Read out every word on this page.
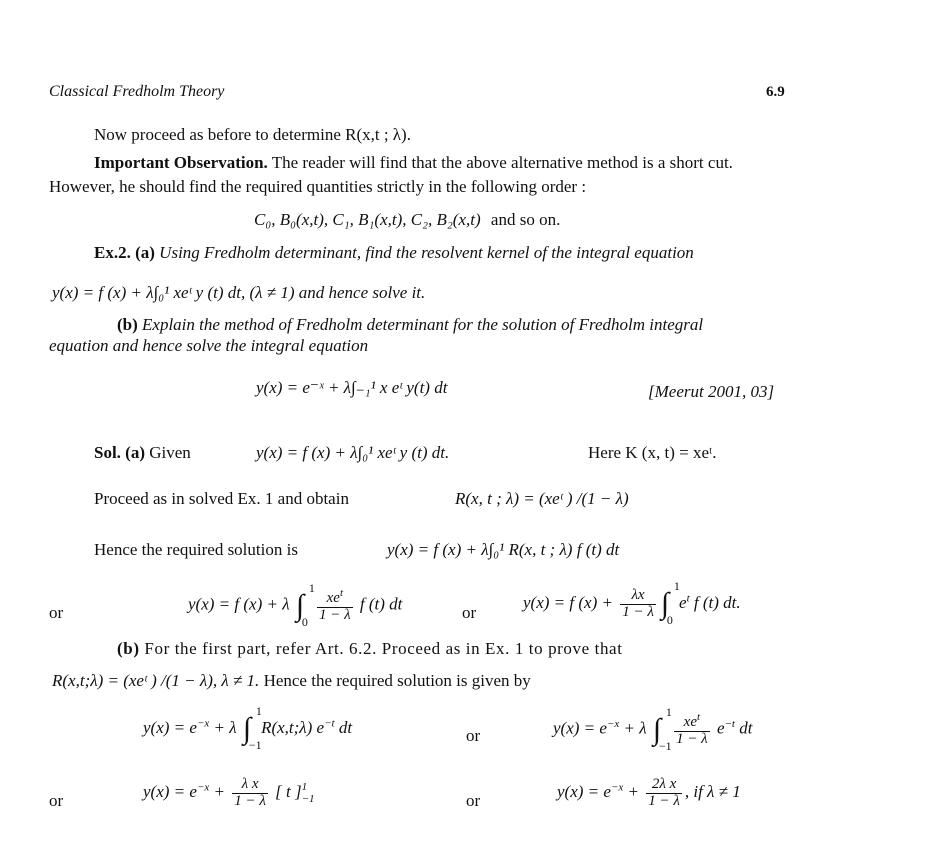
Classical Fredholm Theory	6.9
Now proceed as before to determine R(x,t ; λ).
Important Observation. The reader will find that the above alternative method is a short cut.
However, he should find the required quantities strictly in the following order :
C₀, B₀(x,t), C₁, B₁(x,t), C₂, B₂(x,t) and so on.
Ex.2. (a) Using Fredholm determinant, find the resolvent kernel of the integral equation
y(x) = f (x) + λ∫₀¹ xeᵗ y (t) dt, (λ ≠ 1) and hence solve it.
(b) Explain the method of Fredholm determinant for the solution of Fredholm integral
equation and hence solve the integral equation
y(x) = e⁻ˣ + λ∫₋₁¹ x eᵗ y(t) dt	[Meerut 2001, 03]
Sol. (a) Given	y(x) = f (x) + λ∫₀¹ xeᵗ y (t) dt.	Here K (x, t) = xeᵗ.
Proceed as in solved Ex. 1 and obtain	R(x, t ; λ) = (xeᵗ ) /(1 − λ)
Hence the required solution is	y(x) = f (x) + λ∫₀¹ R(x, t ; λ) f (t) dt
or	y(x) = f (x) + λ ∫
1
$0 \frac{xe^t}{1 - \lambda}$ f (t) dt	or
y(x) = f $(x) + \frac{\lambda x}{1 - \lambda}$ ∫
1
0
$e^t$ f (t) dt.
(b) For the first part, refer Art. 6.2. Proceed as in Ex. 1 to prove that
R(x,t;λ) = (xeᵗ ) /(1 − λ), λ ≠ 1. Hence the required solution is given by
$y(x) = e^{-x} + \lambda$ ∫
1
−1
R(x,t;λ) $e^{-t}$ dt	or	$y(x) = e^{-x} + \lambda$ ∫
1
$-1 \frac{xe^t}{1 - \lambda} e^{-t}$ dt
or	$y(x) = e^{-x} + \frac{\text{λ x}}{1 - \lambda}$ [ t ] 1
−1	or	$y(x) = e^{-x} + \frac{\text{2λ x}}{1 - \lambda}$ , if λ ≠ 1
